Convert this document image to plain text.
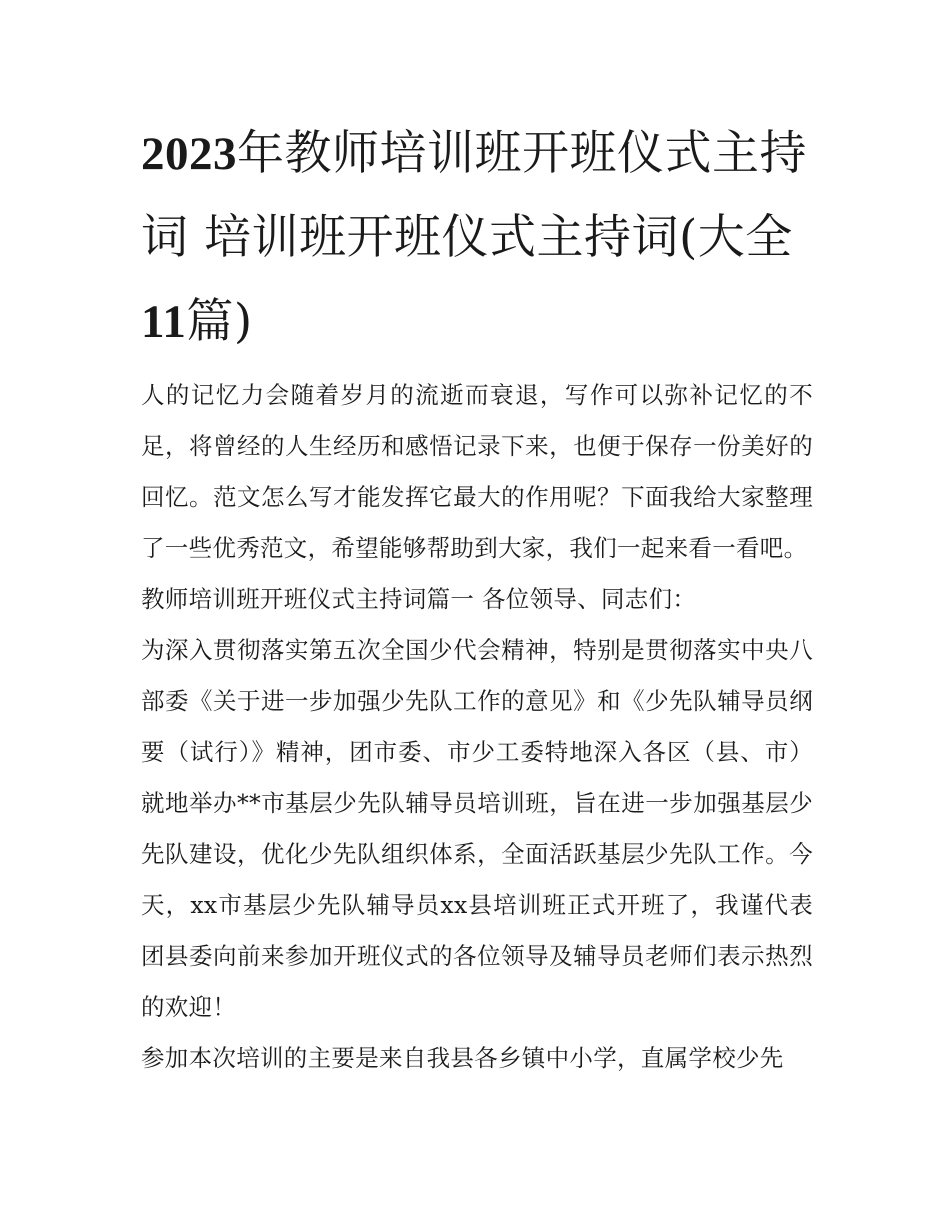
2023年教师培训班开班仪式主持词 培训班开班仪式主持词(大全11篇)

人的记忆力会随着岁月的流逝而衰退，写作可以弥补记忆的不足，将曾经的人生经历和感悟记录下来，也便于保存一份美好的回忆。范文怎么写才能发挥它最大的作用呢？下面我给大家整理了一些优秀范文，希望能够帮助到大家，我们一起来看一看吧。

教师培训班开班仪式主持词篇一 各位领导、同志们：

为深入贯彻落实第五次全国少代会精神，特别是贯彻落实中央八部委《关于进一步加强少先队工作的意见》和《少先队辅导员纲要（试行）》精神，团市委、市少工委特地深入各区（县、市）就地举办**市基层少先队辅导员培训班，旨在进一步加强基层少先队建设，优化少先队组织体系，全面活跃基层少先队工作。今天，xx市基层少先队辅导员xx县培训班正式开班了，我谨代表团县委向前来参加开班仪式的各位领导及辅导员老师们表示热烈的欢迎！

参加本次培训的主要是来自我县各乡镇中小学，直属学校少先
